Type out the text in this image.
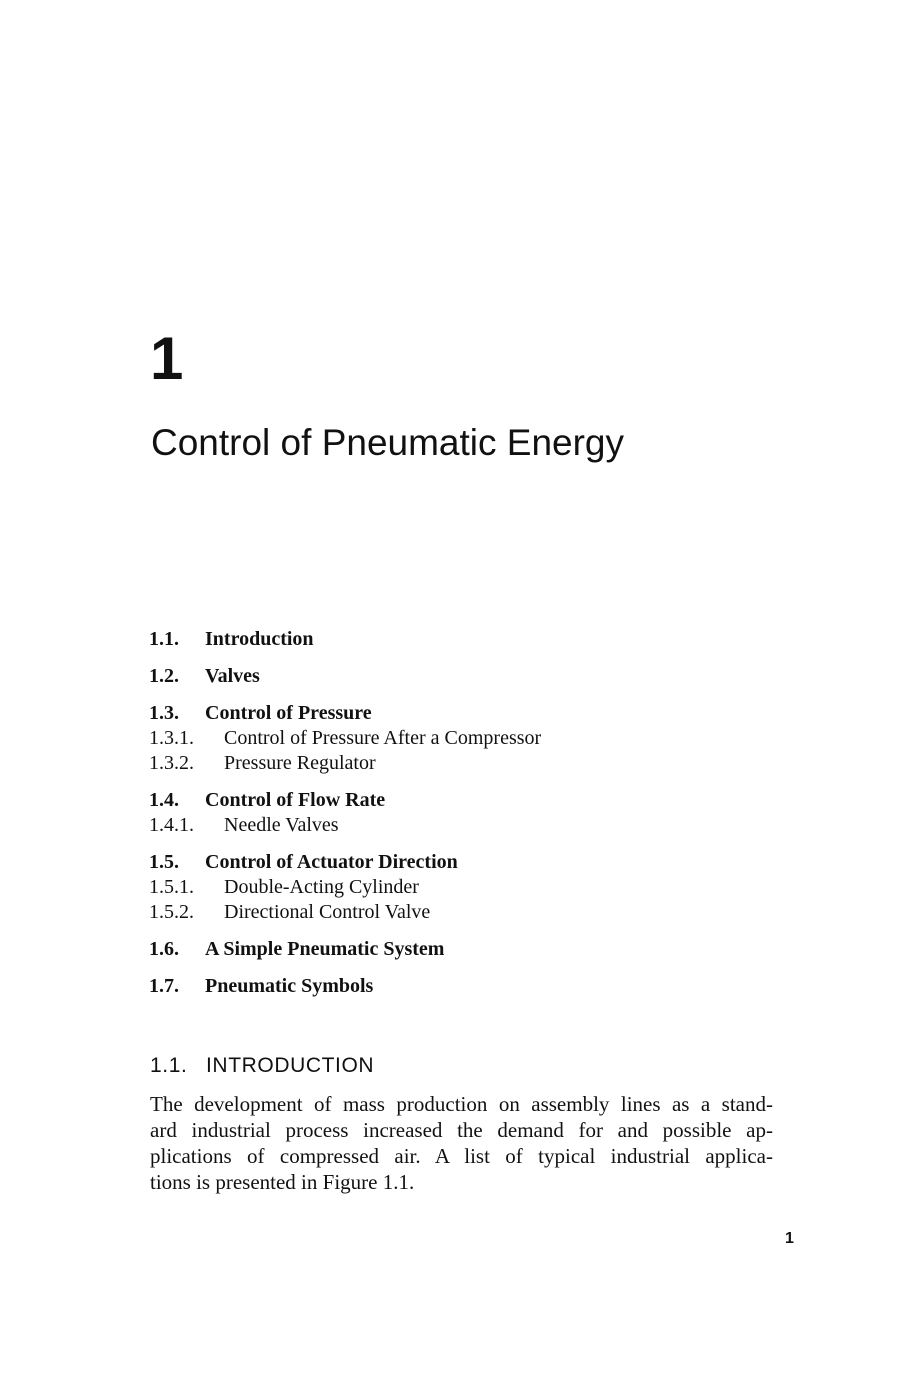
1
Control of Pneumatic Energy
1.1. Introduction
1.2. Valves
1.3. Control of Pressure
1.3.1. Control of Pressure After a Compressor
1.3.2. Pressure Regulator
1.4. Control of Flow Rate
1.4.1. Needle Valves
1.5. Control of Actuator Direction
1.5.1. Double-Acting Cylinder
1.5.2. Directional Control Valve
1.6. A Simple Pneumatic System
1.7. Pneumatic Symbols
1.1. INTRODUCTION

The development of mass production on assembly lines as a stand-
ard industrial process increased the demand for and possible ap-
plications of compressed air. A list of typical industrial applica-
tions is presented in Figure 1.1.

1
